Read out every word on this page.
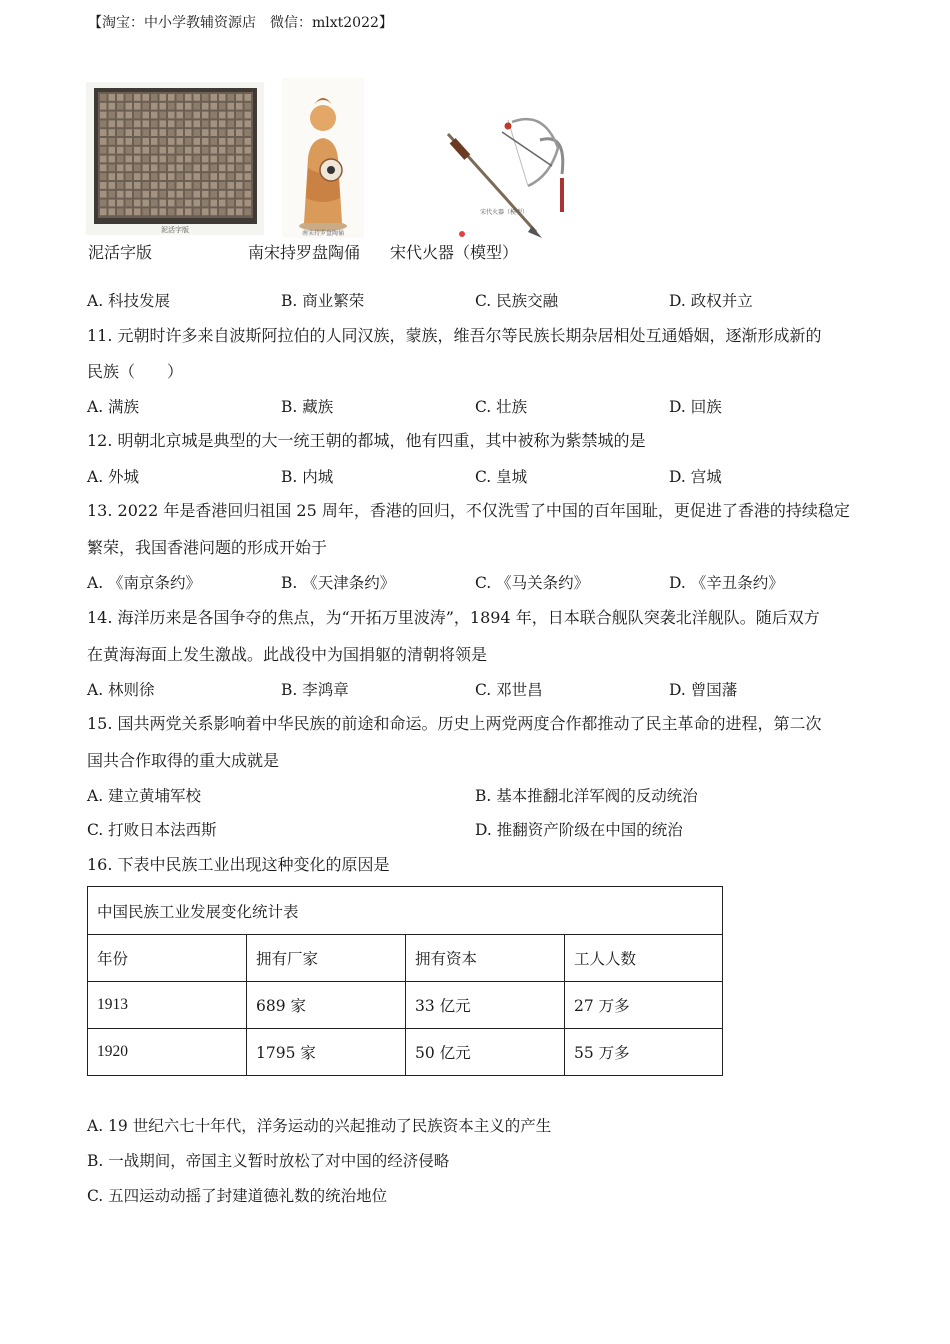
【淘宝：中小学教辅资源店　微信：mlxt2022】
泥活字版	南宋持罗盘陶俑
宋代火器（模型）
泥活字版	南宋持罗盘陶俑 宋代火器（模型）
A. 科技发展	B. 商业繁荣	C. 民族交融	D. 政权并立
11. 元朝时许多来自波斯阿拉伯的人同汉族，蒙族，维吾尔等民族长期杂居相处互通婚姻，逐渐形成新的
民族（　　）
A. 满族	B. 藏族	C. 壮族	D. 回族
12. 明朝北京城是典型的大一统王朝的都城，他有四重，其中被称为紫禁城的是
A. 外城	B. 内城	C. 皇城	D. 宫城
13. 2022 年是香港回归祖国 25 周年，香港的回归，不仅洗雪了中国的百年国耻，更促进了香港的持续稳定
繁荣，我国香港问题的形成开始于
A. 《南京条约》	B. 《天津条约》	C. 《马关条约》	D. 《辛丑条约》
14. 海洋历来是各国争夺的焦点，为“开拓万里波涛”，1894 年，日本联合舰队突袭北洋舰队。随后双方
在黄海海面上发生激战。此战役中为国捐躯的清朝将领是
A. 林则徐	B. 李鸿章	C. 邓世昌	D. 曾国藩
15. 国共两党关系影响着中华民族的前途和命运。历史上两党两度合作都推动了民主革命的进程，第二次
国共合作取得的重大成就是
A. 建立黄埔军校	B. 基本推翻北洋军阀的反动统治
C. 打败日本法西斯	D. 推翻资产阶级在中国的统治
16. 下表中民族工业出现这种变化的原因是
中国民族工业发展变化统计表			
年份	拥有厂家	拥有资本	工人人数
1913	689 家	33 亿元	27 万多
1920	1795 家	50 亿元	55 万多
A. 19 世纪六七十年代，洋务运动的兴起推动了民族资本主义的产生
B. 一战期间，帝国主义暂时放松了对中国的经济侵略
C. 五四运动动摇了封建道德礼数的统治地位
